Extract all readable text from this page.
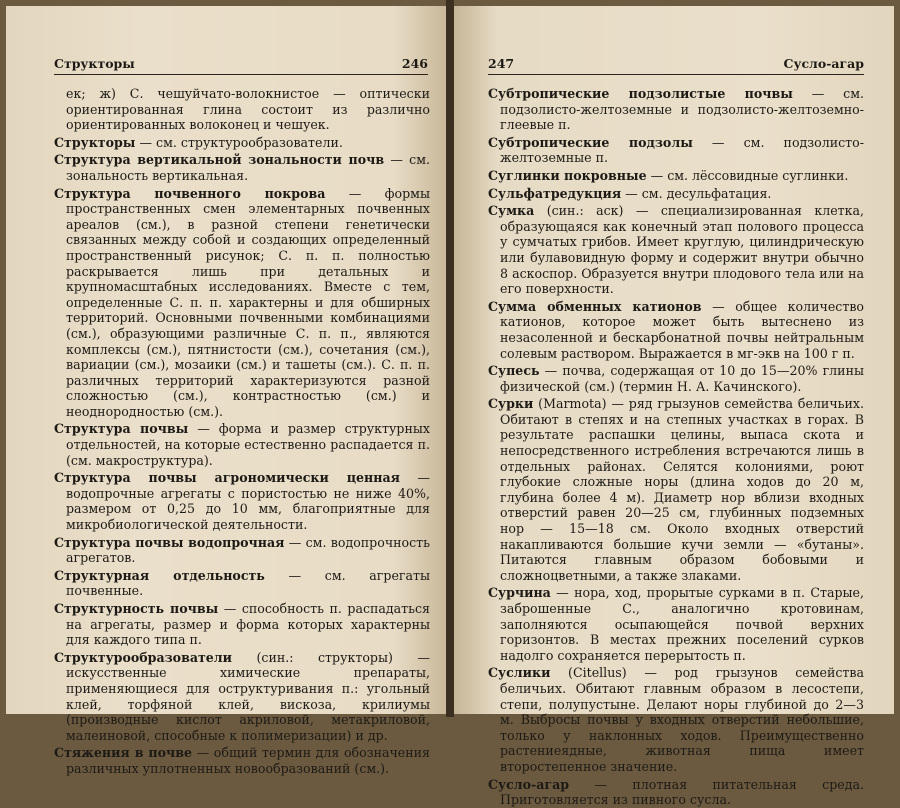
Структоры	246

ек; ж) С. чешуйчато-волокнистое — оптически ориентированная глина состоит из различно ориентированных волоконец и чешуек.

Структоры — см. структурообразователи.

Структура вертикальной зональности почв — см. зональность вертикальная.

Структура почвенного покрова — формы пространственных смен элементарных почвенных ареалов (см.), в разной степени генетически связанных между собой и создающих определенный пространственный рисунок; С. п. п. полностью раскрывается лишь при детальных и крупномасштабных исследованиях. Вместе с тем, определенные С. п. п. характерны и для обширных территорий. Основными почвенными комбинациями (см.), образующими различные С. п. п., являются комплексы (см.), пятнистости (см.), сочетания (см.), вариации (см.), мозаики (см.) и ташеты (см.). С. п. п. различных территорий характеризуются разной сложностью (см.), контрастностью (см.) и неоднородностью (см.).

Структура почвы — форма и размер структурных отдельностей, на которые естественно распадается п. (см. макроструктура).

Структура почвы агрономически ценная — водопрочные агрегаты с пористостью не ниже 40%, размером от 0,25 до 10 мм, благоприятные для микробиологической деятельности.

Структура почвы водопрочная — см. водопрочность агрегатов.

Структурная отдельность — см. агрегаты почвенные.

Структурность почвы — способность п. распадаться на агрегаты, размер и форма которых характерны для каждого типа п.

Структурообразователи (син.: структоры) — искусственные химические препараты, применяющиеся для оструктуривания п.: угольный клей, торфяной клей, вискоза, крилиумы (производные кислот акриловой, метакриловой, малеиновой, способные к полимеризации) и др.

Стяжения в почве — общий термин для обозначения различных уплотненных новообразований (см.).

247	Сусло-агар

Субтропические подзолистые почвы — см. подзолисто-желтоземные и подзолисто-желтоземно-глеевые п.

Субтропические подзолы — см. подзолисто-желтоземные п.

Суглинки покровные — см. лёссовидные суглинки.

Сульфатредукция — см. десульфатация.

Сумка (син.: аск) — специализированная клетка, образующаяся как конечный этап полового процесса у сумчатых грибов. Имеет круглую, цилиндрическую или булавовидную форму и содержит внутри обычно 8 аскоспор. Образуется внутри плодового тела или на его поверхности.

Сумма обменных катионов — общее количество катионов, которое может быть вытеснено из незасоленной и бескарбонатной почвы нейтральным солевым раствором. Выражается в мг-экв на 100 г п.

Супесь — почва, содержащая от 10 до 15—20% глины физической (см.) (термин Н. А. Качинского).

Сурки (Marmota) — ряд грызунов семейства беличьих. Обитают в степях и на степных участках в горах. В результате распашки целины, выпаса скота и непосредственного истребления встречаются лишь в отдельных районах. Селятся колониями, роют глубокие сложные норы (длина ходов до 20 м, глубина более 4 м). Диаметр нор вблизи входных отверстий равен 20—25 см, глубинных подземных нор — 15—18 см. Около входных отверстий накапливаются большие кучи земли — «бутаны». Питаются главным образом бобовыми и сложноцветными, а также злаками.

Сурчина — нора, ход, прорытые сурками в п. Старые, заброшенные С., аналогично кротовинам, заполняются осыпающейся почвой верхних горизонтов. В местах прежних поселений сурков надолго сохраняется перерытость п.

Суслики (Citellus) — род грызунов семейства беличьих. Обитают главным образом в лесостепи, степи, полупустыне. Делают норы глубиной до 2—3 м. Выбросы почвы у входных отверстий небольшие, только у наклонных ходов. Преимущественно растениеядные, животная пища имеет второстепенное значение.

Сусло-агар — плотная питательная среда. Приготовляется из пивного сусла.
